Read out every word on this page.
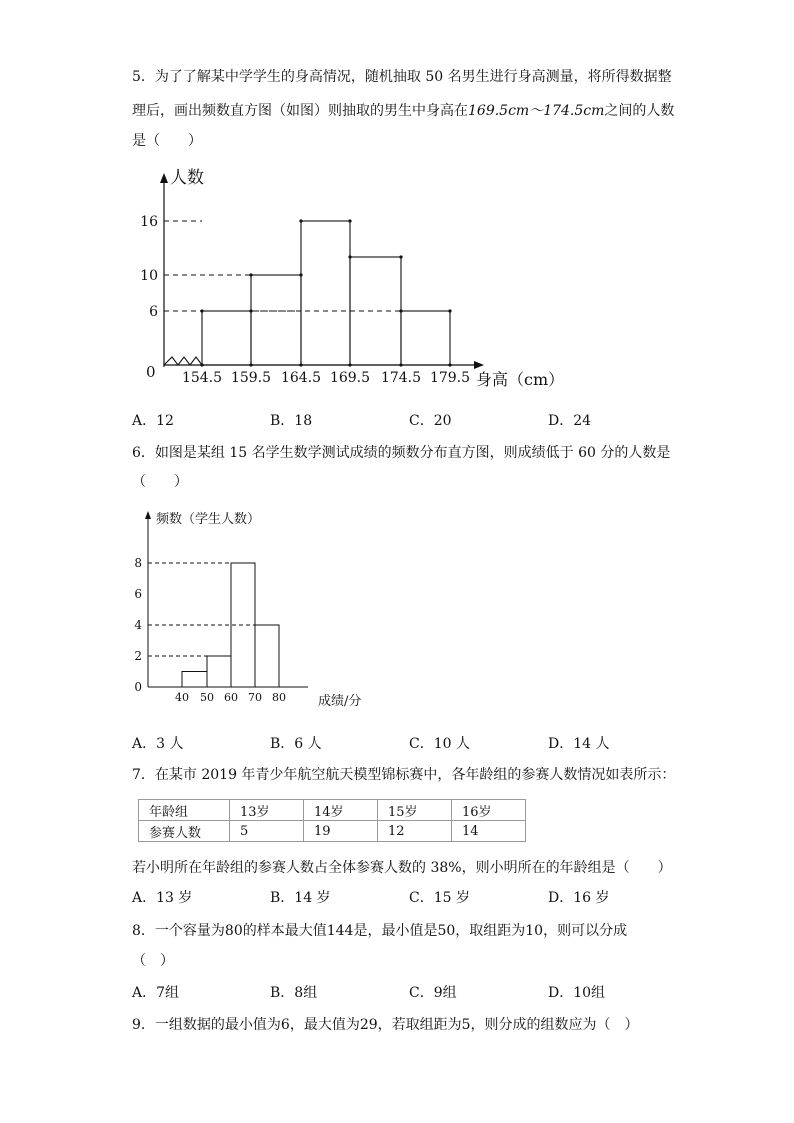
5．为了了解某中学学生的身高情况，随机抽取 50 名男生进行身高测量，将所得数据整
理后，画出频数直方图（如图）则抽取的男生中身高在169.5cm～174.5cm之间的人数
是（　　）
人数
身高（cm）
0
6
10
16
154.5 159.5 164.5 169.5 174.5 179.5
A．12	B．18	C．20	D．24
6．如图是某组 15 名学生数学测试成绩的频数分布直方图，则成绩低于 60 分的人数是
（　　）
频数（学生人数）
成绩/分
0
2
4
6
8
40 50 60 70 80
A．3 人	B．6 人	C．10 人	D．14 人
7．在某市 2019 年青少年航空航天模型锦标赛中，各年龄组的参赛人数情况如表所示：
年龄组	13岁	14岁	15岁	16岁
参赛人数	5	19	12	14
若小明所在年龄组的参赛人数占全体参赛人数的 38%，则小明所在的年龄组是（　　）
A．13 岁	B．14 岁	C．15 岁	D．16 岁
8．一个容量为80的样本最大值144是，最小值是50，取组距为10，则可以分成
（　）
A．7组	B．8组	C．9组	D．10组
9．一组数据的最小值为6，最大值为29，若取组距为5，则分成的组数应为（　）
